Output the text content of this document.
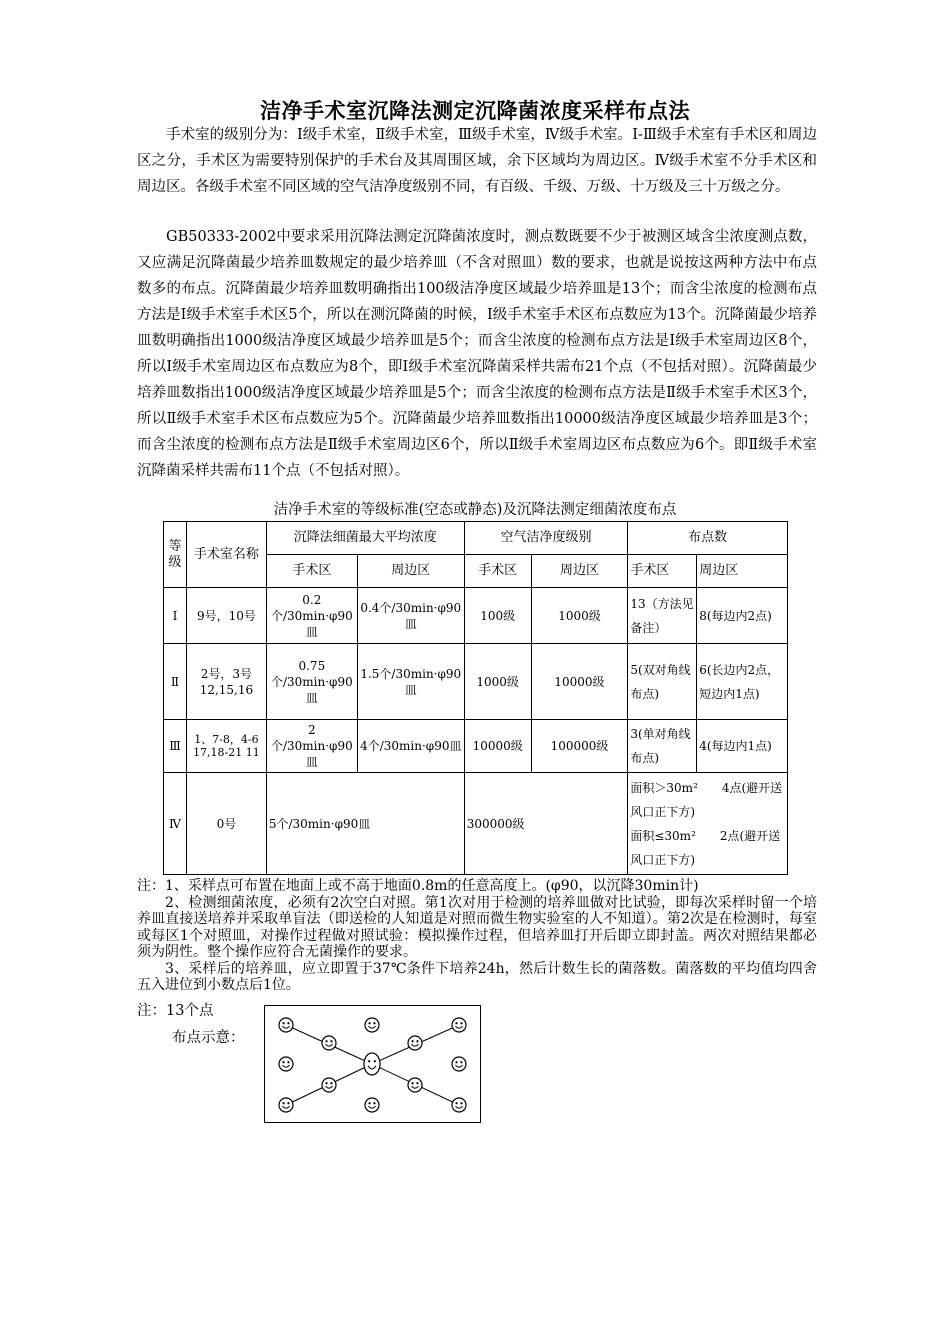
洁净手术室沉降法测定沉降菌浓度采样布点法

手术室的级别分为：Ⅰ级手术室，Ⅱ级手术室，Ⅲ级手术室，Ⅳ级手术室。Ⅰ-Ⅲ级手术室有手术区和周边区之分，手术区为需要特别保护的手术台及其周围区域，余下区域均为周边区。Ⅳ级手术室不分手术区和周边区。各级手术室不同区域的空气洁净度级别不同，有百级、千级、万级、十万级及三十万级之分。

GB50333-2002中要求采用沉降法测定沉降菌浓度时，测点数既要不少于被测区域含尘浓度测点数，又应满足沉降菌最少培养皿数规定的最少培养皿（不含对照皿）数的要求，也就是说按这两种方法中布点数多的布点。沉降菌最少培养皿数明确指出100级洁净度区域最少培养皿是13个；而含尘浓度的检测布点方法是Ⅰ级手术室手术区5个，所以在测沉降菌的时候，Ⅰ级手术室手术区布点数应为13个。沉降菌最少培养皿数明确指出1000级洁净度区域最少培养皿是5个；而含尘浓度的检测布点方法是Ⅰ级手术室周边区8个，所以Ⅰ级手术室周边区布点数应为8个，即Ⅰ级手术室沉降菌采样共需布21个点（不包括对照）。沉降菌最少培养皿数指出1000级洁净度区域最少培养皿是5个；而含尘浓度的检测布点方法是Ⅱ级手术室手术区3个，所以Ⅱ级手术室手术区布点数应为5个。沉降菌最少培养皿数指出10000级洁净度区域最少培养皿是3个；而含尘浓度的检测布点方法是Ⅱ级手术室周边区6个，所以Ⅱ级手术室周边区布点数应为6个。即Ⅱ级手术室沉降菌采样共需布11个点（不包括对照）。

洁净手术室的等级标准(空态或静态)及沉降法测定细菌浓度布点
等级	手术室名称	沉降法细菌最大平均浓度		空气洁净度级别		布点数	
		手术区	周边区	手术区	周边区	手术区	周边区
Ⅰ	9号，10号	0.2个/30min·φ90皿	0.4个/30min·φ90皿	100级	1000级	13（方法见备注）	8(每边内2点)
Ⅱ	2号，3号12,15,16	0.75个/30min·φ90皿	1.5个/30min·φ90皿	1000级	10000级	5(双对角线布点)	6(长边内2点，短边内1点)
Ⅲ	1、7-8，4-6 17,18-21 11	2个/30min·φ90皿	4个/30min·φ90皿	10000级	100000级	3(单对角线布点)	4(每边内1点)
Ⅳ	0号	5个/30min·φ90皿		300000级		面积＞30m²　　4点(避开送风口正下方)
面积≤30m²　　2点(避开送风口正下方)	

注：1、采样点可布置在地面上或不高于地面0.8m的任意高度上。(φ90，以沉降30min计)

2、检测细菌浓度，必须有2次空白对照。第1次对用于检测的培养皿做对比试验，即每次采样时留一个培养皿直接送培养并采取单盲法（即送检的人知道是对照而微生物实验室的人不知道）。第2次是在检测时，每室或每区1个对照皿，对操作过程做对照试验：模拟操作过程，但培养皿打开后即立即封盖。两次对照结果都必须为阴性。整个操作应符合无菌操作的要求。

3、采样后的培养皿，应立即置于37℃条件下培养24h，然后计数生长的菌落数。菌落数的平均值均四舍五入进位到小数点后1位。

注：13个点
布点示意：
